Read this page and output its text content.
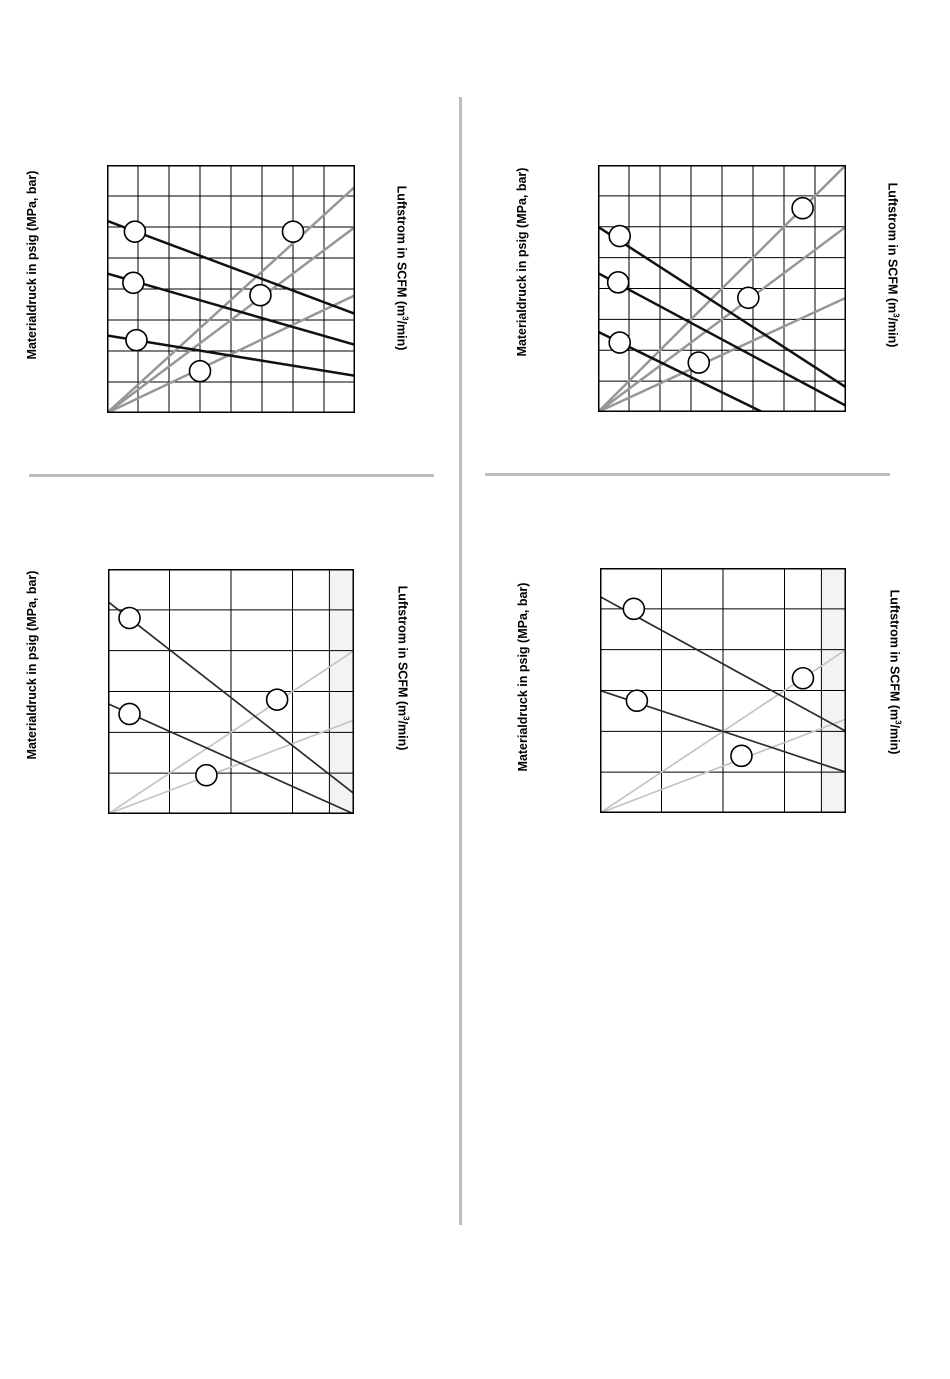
Materialdruck in psig (MPa, bar)	Luftstrom in SCFM $(m^3/\min)$	Materialdruck in psig (MPa, bar)	Luftstrom in SCFM $(m^3/\min)$
Materialdruck in psig (MPa, bar)	Luftstrom in SCFM $(m^3/\min)$	Materialdruck in psig (MPa, bar)	Luftstrom in SCFM $(m^3/\min)$
